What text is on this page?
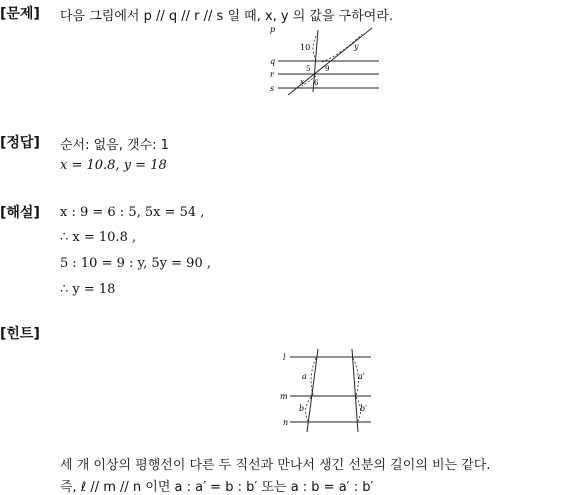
[문제] 다음 그림에서 p // q // r // s 일 때, x, y 의 값을 구하여라.
p
q
r
s
10
5
6
9
x
y
[정답] 순서: 없음, 갯수: 1
x = 10.8, y = 18
[해설] x : 9 = 6 : 5, 5x = 54 ,
∴ x = 10.8 ,
5 : 10 = 9 : y, 5y = 90 ,
∴ y = 18
[힌트]
l
m
n
a	a′
b	b′
세 개 이상의 평행선이 다른 두 직선과 만나서 생긴 선분의 길이의 비는 같다.
즉, ℓ // m // n 이면 a : a′ = b : b′ 또는 a : b = a′ : b′
